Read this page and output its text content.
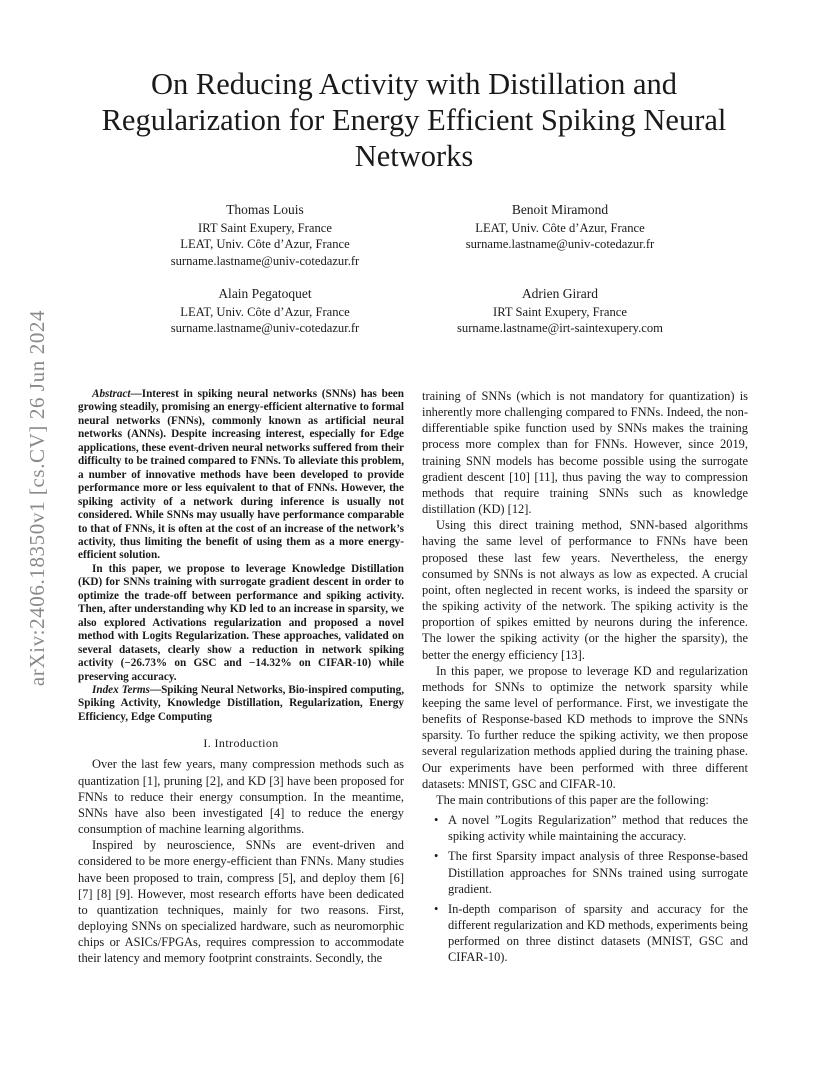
arXiv:2406.18350v1 [cs.CV] 26 Jun 2024
On Reducing Activity with Distillation and Regularization for Energy Efficient Spiking Neural Networks
Thomas Louis
IRT Saint Exupery, France
LEAT, Univ. Côte d’Azur, France
surname.lastname@univ-cotedazur.fr
Benoit Miramond
LEAT, Univ. Côte d’Azur, France
surname.lastname@univ-cotedazur.fr
Alain Pegatoquet
LEAT, Univ. Côte d’Azur, France
surname.lastname@univ-cotedazur.fr
Adrien Girard
IRT Saint Exupery, France
surname.lastname@irt-saintexupery.com

Abstract—Interest in spiking neural networks (SNNs) has been growing steadily, promising an energy-efficient alternative to formal neural networks (FNNs), commonly known as artificial neural networks (ANNs). Despite increasing interest, especially for Edge applications, these event-driven neural networks suffered from their difficulty to be trained compared to FNNs. To alleviate this problem, a number of innovative methods have been developed to provide performance more or less equivalent to that of FNNs. However, the spiking activity of a network during inference is usually not considered. While SNNs may usually have performance comparable to that of FNNs, it is often at the cost of an increase of the network’s activity, thus limiting the benefit of using them as a more energy-efficient solution.

In this paper, we propose to leverage Knowledge Distillation (KD) for SNNs training with surrogate gradient descent in order to optimize the trade-off between performance and spiking activity. Then, after understanding why KD led to an increase in sparsity, we also explored Activations regularization and proposed a novel method with Logits Regularization. These approaches, validated on several datasets, clearly show a reduction in network spiking activity (−26.73% on GSC and −14.32% on CIFAR-10) while preserving accuracy.

Index Terms—Spiking Neural Networks, Bio-inspired computing, Spiking Activity, Knowledge Distillation, Regularization, Energy Efficiency, Edge Computing

I. Introduction

Over the last few years, many compression methods such as quantization [1], pruning [2], and KD [3] have been proposed for FNNs to reduce their energy consumption. In the meantime, SNNs have also been investigated [4] to reduce the energy consumption of machine learning algorithms.

Inspired by neuroscience, SNNs are event-driven and considered to be more energy-efficient than FNNs. Many studies have been proposed to train, compress [5], and deploy them [6] [7] [8] [9]. However, most research efforts have been dedicated to quantization techniques, mainly for two reasons. First, deploying SNNs on specialized hardware, such as neuromorphic chips or ASICs/FPGAs, requires compression to accommodate their latency and memory footprint constraints. Secondly, the

training of SNNs (which is not mandatory for quantization) is inherently more challenging compared to FNNs. Indeed, the non-differentiable spike function used by SNNs makes the training process more complex than for FNNs. However, since 2019, training SNN models has become possible using the surrogate gradient descent [10] [11], thus paving the way to compression methods that require training SNNs such as knowledge distillation (KD) [12].

Using this direct training method, SNN-based algorithms having the same level of performance to FNNs have been proposed these last few years. Nevertheless, the energy consumed by SNNs is not always as low as expected. A crucial point, often neglected in recent works, is indeed the sparsity or the spiking activity of the network. The spiking activity is the proportion of spikes emitted by neurons during the inference. The lower the spiking activity (or the higher the sparsity), the better the energy efficiency [13].

In this paper, we propose to leverage KD and regularization methods for SNNs to optimize the network sparsity while keeping the same level of performance. First, we investigate the benefits of Response-based KD methods to improve the SNNs sparsity. To further reduce the spiking activity, we then propose several regularization methods applied during the training phase. Our experiments have been performed with three different datasets: MNIST, GSC and CIFAR-10.

The main contributions of this paper are the following:

• A novel ”Logits Regularization” method that reduces the spiking activity while maintaining the accuracy.
• The first Sparsity impact analysis of three Response-based Distillation approaches for SNNs trained using surrogate gradient.
• In-depth comparison of sparsity and accuracy for the different regularization and KD methods, experiments being performed on three distinct datasets (MNIST, GSC and CIFAR-10).
